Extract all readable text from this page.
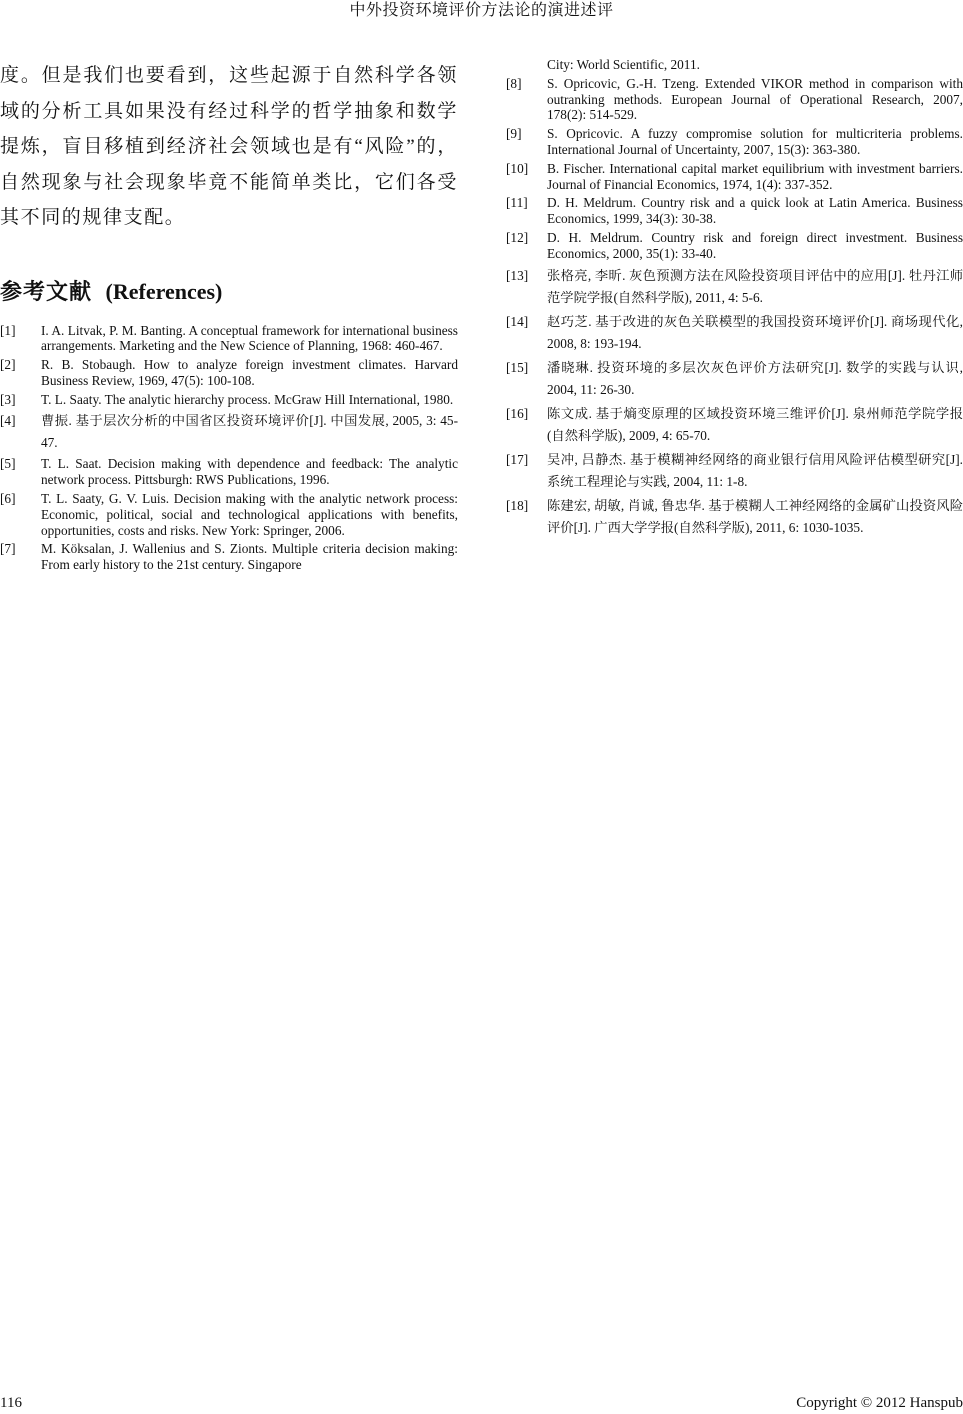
中外投资环境评价方法论的演进述评

度。但是我们也要看到，这些起源于自然科学各领域的分析工具如果没有经过科学的哲学抽象和数学提炼，盲目移植到经济社会领域也是有“风险”的，自然现象与社会现象毕竟不能简单类比，它们各受其不同的规律支配。

参考文献 (References)
[1]	I. A. Litvak, P. M. Banting. A conceptual framework for international business arrangements. Marketing and the New Science of Planning, 1968: 460-467.
[2]	R. B. Stobaugh. How to analyze foreign investment climates. Harvard Business Review, 1969, 47(5): 100-108.
[3]	T. L. Saaty. The analytic hierarchy process. McGraw Hill International, 1980.
[4]	曹振. 基于层次分析的中国省区投资环境评价[J]. 中国发展, 2005, 3: 45-47.
[5]	T. L. Saat. Decision making with dependence and feedback: The analytic network process. Pittsburgh: RWS Publications, 1996.
[6]	T. L. Saaty, G. V. Luis. Decision making with the analytic network process: Economic, political, social and technological applications with benefits, opportunities, costs and risks. New York: Springer, 2006.
[7]	M. Köksalan, J. Wallenius and S. Zionts. Multiple criteria decision making: From early history to the 21st century. Singapore
City: World Scientific, 2011.
[8]	S. Opricovic, G.-H. Tzeng. Extended VIKOR method in comparison with outranking methods. European Journal of Operational Research, 2007, 178(2): 514-529.
[9]	S. Opricovic. A fuzzy compromise solution for multicriteria problems. International Journal of Uncertainty, 2007, 15(3): 363-380.
[10]	B. Fischer. International capital market equilibrium with investment barriers. Journal of Financial Economics, 1974, 1(4): 337-352.
[11]	D. H. Meldrum. Country risk and a quick look at Latin America. Business Economics, 1999, 34(3): 30-38.
[12]	D. H. Meldrum. Country risk and foreign direct investment. Business Economics, 2000, 35(1): 33-40.
[13]	张格亮, 李昕. 灰色预测方法在风险投资项目评估中的应用[J]. 牡丹江师范学院学报(自然科学版), 2011, 4: 5-6.
[14]	赵巧芝. 基于改进的灰色关联模型的我国投资环境评价[J]. 商场现代化, 2008, 8: 193-194.
[15]	潘晓琳. 投资环境的多层次灰色评价方法研究[J]. 数学的实践与认识, 2004, 11: 26-30.
[16]	陈文成. 基于熵变原理的区域投资环境三维评价[J]. 泉州师范学院学报(自然科学版), 2009, 4: 65-70.
[17]	吴冲, 吕静杰. 基于模糊神经网络的商业银行信用风险评估模型研究[J]. 系统工程理论与实践, 2004, 11: 1-8.
[18]	陈建宏, 胡敏, 肖诚, 鲁忠华. 基于模糊人工神经网络的金属矿山投资风险评价[J]. 广西大学学报(自然科学版), 2011, 6: 1030-1035.
116	Copyright © 2012 Hanspub
